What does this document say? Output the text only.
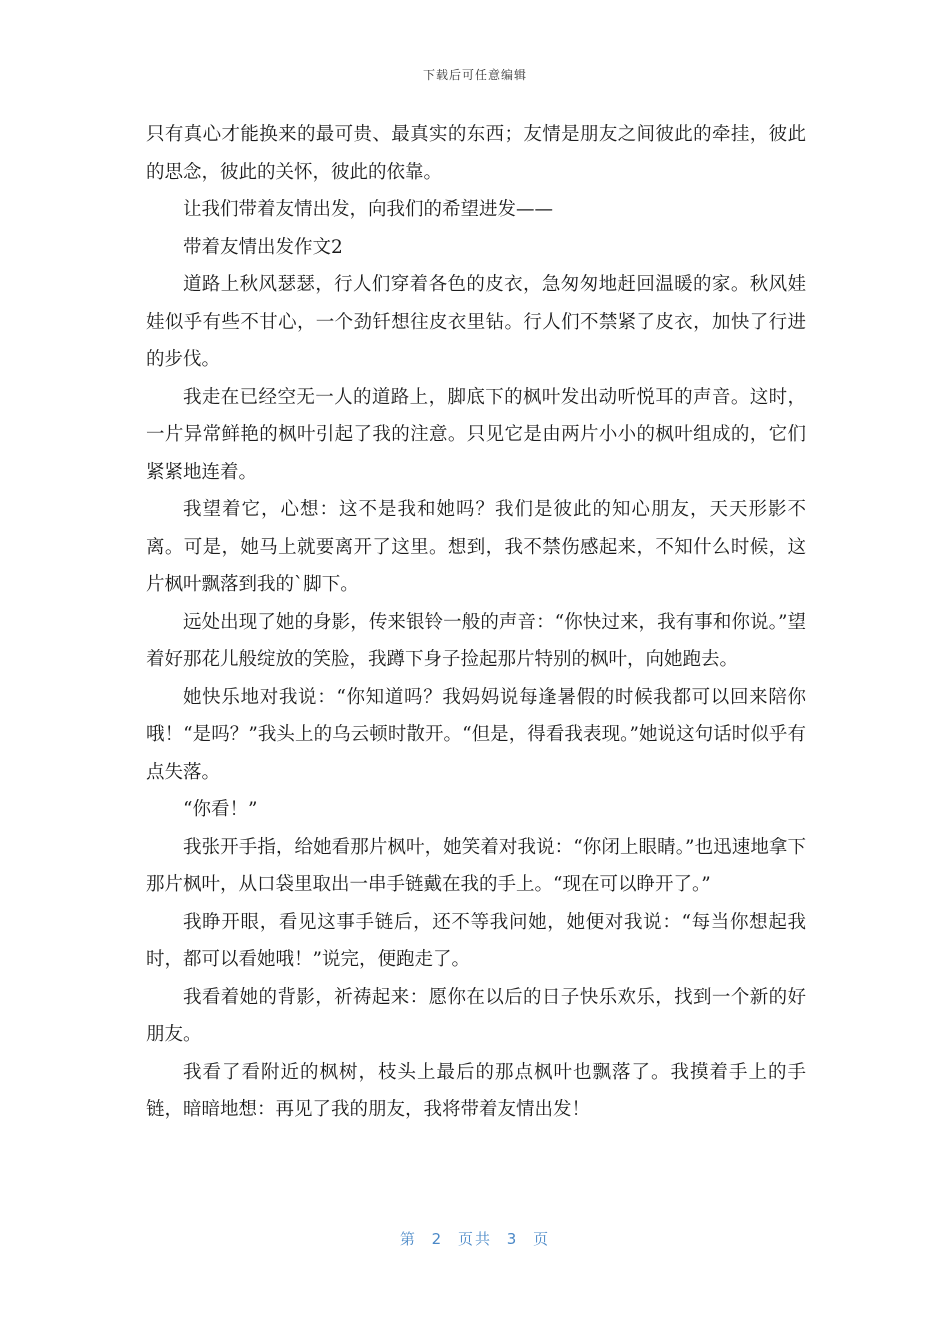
下载后可任意编辑

只有真心才能换来的最可贵、最真实的东西；友情是朋友之间彼此的牵挂，彼此的思念，彼此的关怀，彼此的依靠。

让我们带着友情出发，向我们的希望进发——

带着友情出发作文2

道路上秋风瑟瑟，行人们穿着各色的皮衣，急匆匆地赶回温暖的家。秋风娃娃似乎有些不甘心，一个劲钎想往皮衣里钻。行人们不禁紧了皮衣，加快了行进的步伐。

我走在已经空无一人的道路上，脚底下的枫叶发出动听悦耳的声音。这时，一片异常鲜艳的枫叶引起了我的注意。只见它是由两片小小的枫叶组成的，它们紧紧地连着。

我望着它，心想：这不是我和她吗？我们是彼此的知心朋友，天天形影不离。可是，她马上就要离开了这里。想到，我不禁伤感起来，不知什么时候，这片枫叶飘落到我的`脚下。

远处出现了她的身影，传来银铃一般的声音：“你快过来，我有事和你说。”望着好那花儿般绽放的笑脸，我蹲下身子捡起那片特别的枫叶，向她跑去。

她快乐地对我说：“你知道吗？我妈妈说每逢暑假的时候我都可以回来陪你哦！“是吗？”我头上的乌云顿时散开。“但是，得看我表现。”她说这句话时似乎有点失落。

“你看！”

我张开手指，给她看那片枫叶，她笑着对我说：“你闭上眼睛。”也迅速地拿下那片枫叶，从口袋里取出一串手链戴在我的手上。“现在可以睁开了。”

我睁开眼，看见这事手链后，还不等我问她，她便对我说：“每当你想起我时，都可以看她哦！”说完，便跑走了。

我看着她的背影，祈祷起来：愿你在以后的日子快乐欢乐，找到一个新的好朋友。

我看了看附近的枫树，枝头上最后的那点枫叶也飘落了。我摸着手上的手链，暗暗地想：再见了我的朋友，我将带着友情出发！

第 2 页共 3 页
